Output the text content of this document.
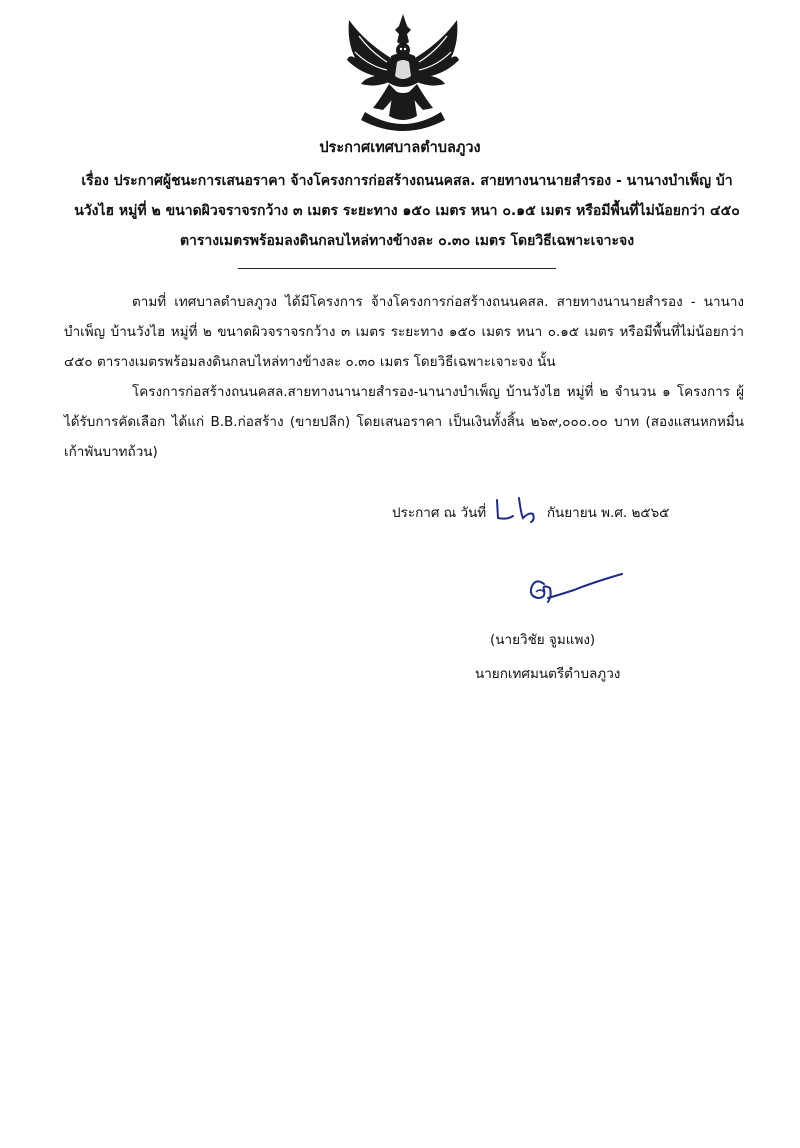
ประกาศเทศบาลตำบลภูวง
เรื่อง ประกาศผู้ชนะการเสนอราคา จ้างโครงการก่อสร้างถนนคสล. สายทางนานายสำรอง - นานางบำเพ็ญ บ้านวังไฮ หมู่ที่ ๒ ขนาดผิวจราจรกว้าง ๓ เมตร ระยะทาง ๑๕๐ เมตร หนา ๐.๑๕ เมตร หรือมีพื้นที่ไม่น้อยกว่า ๔๕๐ ตารางเมตรพร้อมลงดินกลบไหล่ทางข้างละ ๐.๓๐ เมตร โดยวิธีเฉพาะเจาะจง
ตามที่ เทศบาลตำบลภูวง ได้มีโครงการ จ้างโครงการก่อสร้างถนนคสล. สายทางนานายสำรอง - นานางบำเพ็ญ บ้านวังไฮ หมู่ที่ ๒ ขนาดผิวจราจรกว้าง ๓ เมตร ระยะทาง ๑๕๐ เมตร หนา ๐.๑๕ เมตร หรือมีพื้นที่ไม่น้อยกว่า ๔๕๐ ตารางเมตรพร้อมลงดินกลบไหล่ทางข้างละ ๐.๓๐ เมตร โดยวิธีเฉพาะเจาะจง นั้น
โครงการก่อสร้างถนนคสล.สายทางนานายสำรอง-นานางบำเพ็ญ บ้านวังไฮ หมู่ที่ ๒ จำนวน ๑ โครงการ ผู้ได้รับการคัดเลือก ได้แก่ B.B.ก่อสร้าง (ขายปลีก) โดยเสนอราคา เป็นเงินทั้งสิ้น ๒๖๙,๐๐๐.๐๐ บาท (สองแสนหกหมื่นเก้าพันบาทถ้วน)
ประกาศ ณ วันที่	กันยายน พ.ศ. ๒๕๖๕
(นายวิชัย จูมแพง)
นายกเทศมนตรีตำบลภูวง
